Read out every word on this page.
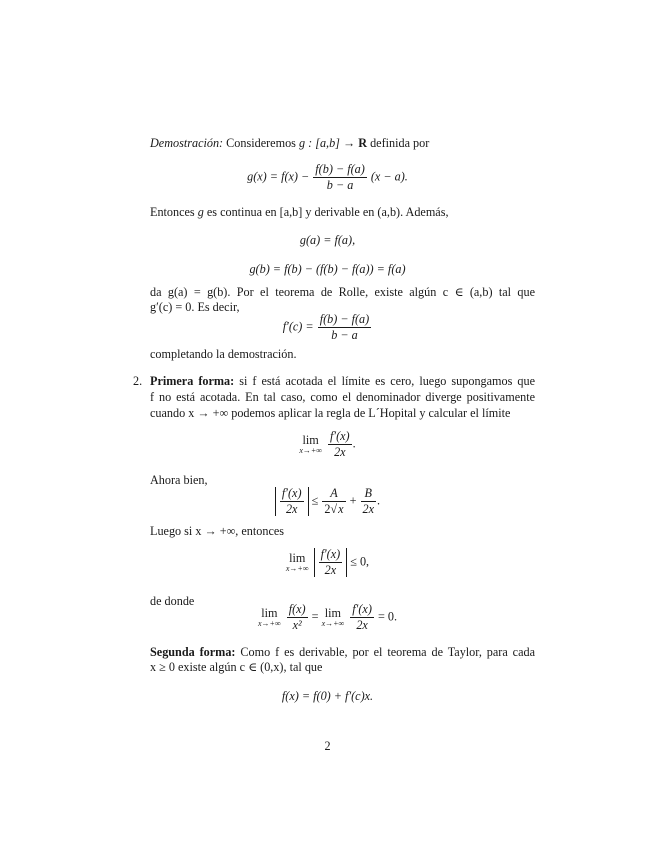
Demostración: Consideremos g : [a,b] → R definida por
$g(x) = f(x) - \frac{f(b) - f(a)}{b - a} (x - a)$.
Entonces g es continua en [a,b] y derivable en (a,b). Además,
g(a) = f(a),
g(b) = f(b) − (f(b) − f(a)) = f(a)
da g(a) = g(b). Por el teorema de Rolle, existe algún c ∈ (a,b) tal que
g′(c) = 0. Es decir,
$f'(c) = \frac{f(b) - f(a)}{b - a}$
completando la demostración.
2. Primera forma: si f está acotada el límite es cero, luego supongamos que
f no está acotada. En tal caso, como el denominador diverge positivamente
cuando x → +∞ podemos aplicar la regla de L´Hopital y calcular el límite
lim
x→+∞
$\frac{f'(x)}{2x}$ .
Ahora bien,
$\frac{f'(x)}{2x} \le \frac{A}{2√x} + \frac{B}{2x}$ .
Luego si x → +∞, entonces
lim
x→+∞
$\frac{f'(x)}{2x} \le 0$,
de donde
lim
x→+∞
$\frac{f(x)}{\text{x²}} = \lim$
x→+∞
$\frac{f'(x)}{2x} = 0$.
Segunda forma: Como f es derivable, por el teorema de Taylor, para cada
x ≥ 0 existe algún c ∈ (0,x), tal que
f(x) = f(0) + f′(c)x.
2
